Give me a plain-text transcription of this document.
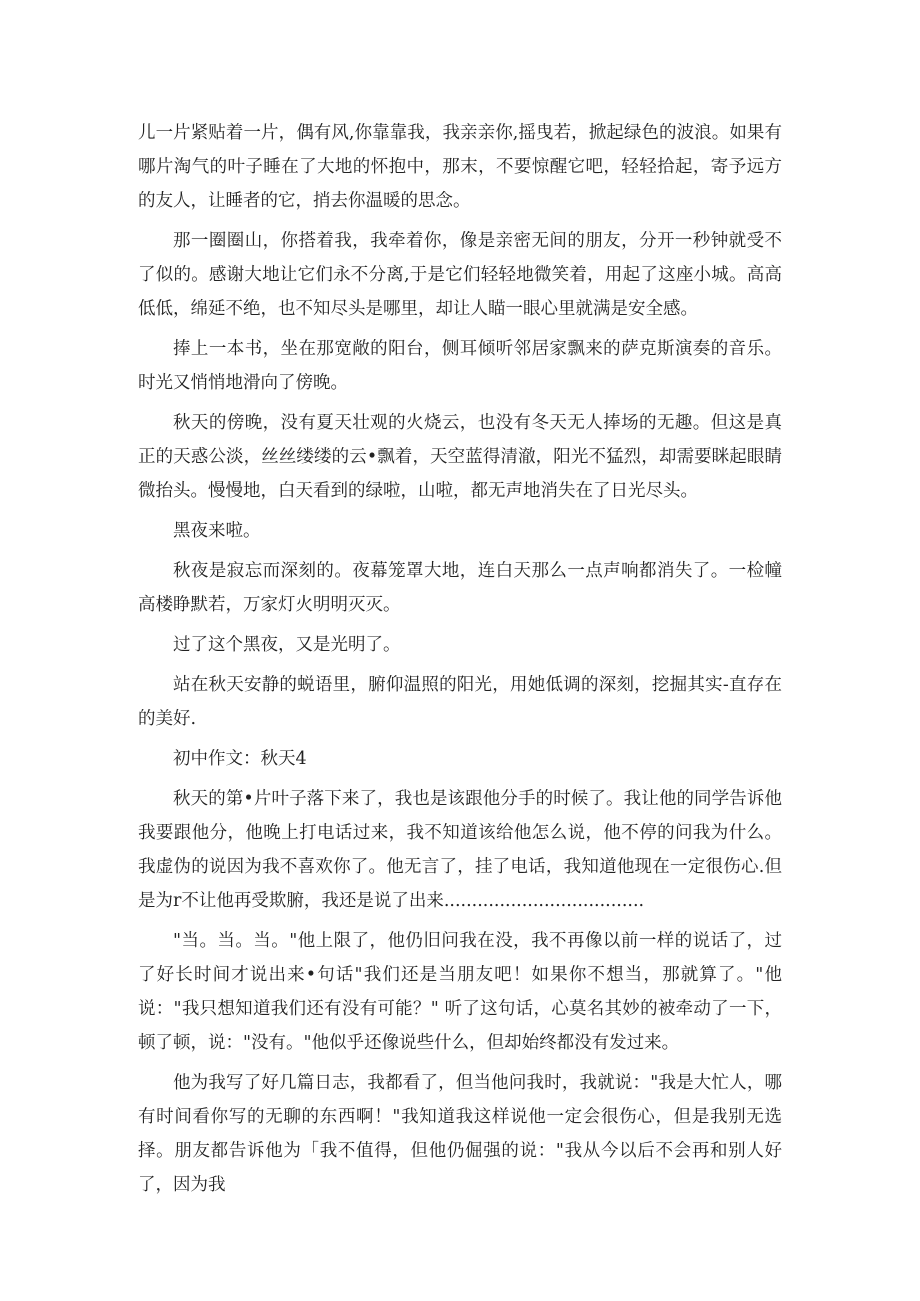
儿一片紧贴着一片，偶有风,你靠靠我，我亲亲你,摇曳若，掀起绿色的波浪。如果有哪片淘气的叶子睡在了大地的怀抱中，那末，不要惊醒它吧，轻轻拾起，寄予远方的友人，让睡者的它，捎去你温暖的思念。

那一圈圈山，你搭着我，我牵着你，像是亲密无间的朋友，分开一秒钟就受不了似的。感谢大地让它们永不分离,于是它们轻轻地微笑着，用起了这座小城。高高低低，绵延不绝，也不知尽头是哪里，却让人瞄一眼心里就满是安全感。

捧上一本书，坐在那宽敞的阳台，侧耳倾听邻居家飘来的萨克斯演奏的音乐。时光又悄悄地滑向了傍晚。

秋天的傍晚，没有夏天壮观的火烧云，也没有冬天无人捧场的无趣。但这是真正的天惑公淡，丝丝缕缕的云•飘着，天空蓝得清澈，阳光不猛烈，却需要眯起眼睛微抬头。慢慢地，白天看到的绿啦，山啦，都无声地消失在了日光尽头。

黑夜来啦。

秋夜是寂忘而深刻的。夜幕笼罩大地，连白天那么一点声响都消失了。一检幢高楼睁默若，万家灯火明明灭灭。

过了这个黑夜，又是光明了。

站在秋天安静的蜕语里，腑仰温照的阳光，用她低调的深刻，挖掘其实-直存在的美好.

初中作文：秋天4

秋天的第•片叶子落下来了，我也是该跟他分手的时候了。我让他的同学告诉他我要跟他分，他晚上打电话过来，我不知道该给他怎么说，他不停的问我为什么。我虚伪的说因为我不喜欢你了。他无言了，挂了电话，我知道他现在一定很伤心.但是为r不让他再受欺腑，我还是说了出来....................................

"当。当。当。"他上限了，他仍旧问我在没，我不再像以前一样的说话了，过了好长时间才说出来•句话"我们还是当朋友吧！如果你不想当，那就算了。"他说："我只想知道我们还有没有可能？" 听了这句话，心莫名其妙的被牵动了一下，顿了顿，说："没有。"他似乎还像说些什么，但却始终都没有发过来。

他为我写了好几篇日志，我都看了，但当他问我时，我就说："我是大忙人，哪有时间看你写的无聊的东西啊！"我知道我这样说他一定会很伤心，但是我别无选择。朋友都告诉他为「我不值得，但他仍倔强的说："我从今以后不会再和别人好了，因为我
